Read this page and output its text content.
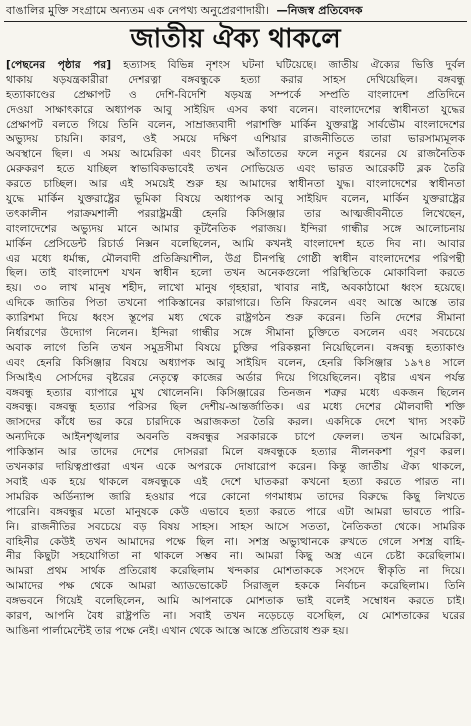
বাঙালির মুক্তি সংগ্রামে অন্যতম এক নেপথ্য অনুপ্রেরণাদায়ী। —নিজস্ব প্রতিবেদক
জাতীয় ঐক্য থাকলে
[পেছনের পৃষ্ঠার পর] হত্যাসহ বিভিন্ন নৃশংস ঘটনা ঘটিয়েছে। জাতীয় ঐক্যের ভিত্তি দুর্বল
থাকায় ষড়যন্ত্রকারীরা দেশরত্না বঙ্গবন্ধুকে হত্যা করার সাহস দেখিয়েছিল। বঙ্গবন্ধু
হত্যাকাণ্ডের প্রেক্ষাপট ও দেশি-বিদেশি ষড়যন্ত্র সম্পর্কে সম্প্রতি বাংলাদেশ প্রতিদিনে
দেওয়া সাক্ষাৎকারে অধ্যাপক আবু সাইয়িদ এসব কথা বলেন। বাংলাদেশের স্বাধীনতা যুদ্ধের
প্রেক্ষাপট বলতে গিয়ে তিনি বলেন, সাম্রাজ্যবাদী পরাশক্তি মার্কিন যুক্তরাষ্ট্র সার্বভৌম বাংলাদেশের
অভ্যুদয় চায়নি। কারণ, ওই সময়ে দক্ষিণ এশিয়ার রাজনীতিতে তারা ভারসাম্যমূলক
অবস্থানে ছিল। এ সময় আমেরিকা এবং চীনের আঁতাতের ফলে নতুন ধরনের যে রাজনৈতিক
মেরুকরণ হতে যাচ্ছিল স্বাভাবিকভাবেই তখন সোভিয়েত এবং ভারত আরেকটি ব্লক তৈরি
করতে চাচ্ছিল। আর এই সময়েই শুরু হয় আমাদের স্বাধীনতা যুদ্ধ। বাংলাদেশের স্বাধীনতা
যুদ্ধে মার্কিন যুক্তরাষ্ট্রের ভূমিকা বিষয়ে অধ্যাপক আবু সাইয়িদ বলেন, মার্কিন যুক্তরাষ্ট্রের
তৎকালীন পরাক্রমশালী পররাষ্ট্রমন্ত্রী হেনরি কিসিঞ্জার তার আত্মজীবনীতে লিখেছেন,
বাংলাদেশের অভ্যুদয় মানে আমার কূটনৈতিক পরাজয়। ইন্দিরা গান্ধীর সঙ্গে আলোচনায়
মার্কিন প্রেসিডেন্ট রিচার্ড নিক্সন বলেছিলেন, আমি কখনই বাংলাদেশ হতে দিব না। আবার
এর মধ্যে ধর্মান্ধ, মৌলবাদী প্রতিক্রিয়াশীল, উগ্র চীনপন্থি গোষ্ঠী স্বাধীন বাংলাদেশের পরিপন্থী
ছিল। তাই বাংলাদেশ যখন স্বাধীন হলো তখন অনেকগুলো পরিস্থিতিকে মোকাবিলা করতে
হয়। ৩০ লাখ মানুষ শহীদ, লাখো মানুষ গৃহহারা, খাবার নাই, অবকাঠামো ধ্বংস হয়েছে।
এদিকে জাতির পিতা তখনো পাকিস্তানের কারাগারে। তিনি ফিরলেন এবং আস্তে আস্তে তার
ক্যারিশমা দিয়ে ধ্বংস স্তূপের মধ্য থেকে রাষ্ট্রগঠন শুরু করেন। তিনি দেশের সীমানা
নির্ধারণের উদ্যোগ নিলেন। ইন্দিরা গান্ধীর সঙ্গে সীমানা চুক্তিতে বসলেন এবং সবচেয়ে
অবাক লাগে তিনি তখন সমুদ্রসীমা বিষয়ে চুক্তির পরিকল্পনা নিয়েছিলেন। বঙ্গবন্ধু হত্যাকাণ্ড
এবং হেনরি কিসিঞ্জার বিষয়ে অধ্যাপক আবু সাইয়িদ বলেন, হেনরি কিসিঞ্জার ১৯৭৪ সালে
সিআইএ সোর্সদের বৃষ্টরের নেতৃত্বে কাজের অর্ডার দিয়ে গিয়েছিলেন। বৃষ্টার এখন পর্যন্ত
বঙ্গবন্ধু হত্যার ব্যাপারে মুখ খোলেননি। কিসিঞ্জারের তিনজন শত্রুর মধ্যে একজন ছিলেন
বঙ্গবন্ধু। বঙ্গবন্ধু হত্যার পরিসর ছিল দেশীয়-আন্তর্জাতিক। এর মধ্যে দেশের মৌলবাদী শক্তি
জাসদের কাঁধে ভর করে চারদিকে অরাজকতা তৈরি করল। একদিকে দেশে খাদ্য সংকট
অন্যদিকে আইনশৃঙ্খলার অবনতি বঙ্গবন্ধুর সরকারকে চাপে ফেলল। তখন আমেরিকা,
পাকিস্তান আর তাদের দেশের দোসররা মিলে বঙ্গবন্ধুকে হত্যার নীলনকশা পূরণ করল।
তখনকার দায়িত্বপ্রাপ্তরা এখন একে অপরকে দোষারোপ করেন। কিন্তু জাতীয় ঐক্য থাকলে,
সবাই এক হয়ে থাকলে বঙ্গবন্ধুকে এই দেশে ঘাতকরা কখনো হত্যা করতে পারত না।
সামরিক অর্ডিন্যান্স জারি হওয়ার পরে কোনো গণমাধ্যম তাদের বিরুদ্ধে কিছু লিখতে
পারেনি। বঙ্গবন্ধুর মতো মানুষকে কেউ এভাবে হত্যা করতে পারে এটা আমরা ভাবতে পারি-
নি। রাজনীতির সবচেয়ে বড় বিষয় সাহস। সাহস আসে সততা, নৈতিকতা থেকে। সামরিক
বাহিনীর কেউই তখন আমাদের পক্ষে ছিল না। সশস্ত্র অভ্যুত্থানকে রুখতে গেলে সশস্ত্র বাহি-
নীর কিছুটা সহযোগিতা না থাকলে সম্ভব না। আমরা কিছু অস্ত্র এনে চেষ্টা করেছিলাম।
আমরা প্রথম সার্থক প্রতিরোধ করেছিলাম খন্দকার মোশতাককে সংসদে স্বীকৃতি না দিয়ে।
আমাদের পক্ষ থেকে আমরা অ্যাডভোকেট সিরাজুল হককে নির্বাচন করেছিলাম। তিনি
বঙ্গভবনে গিয়েই বলেছিলেন, আমি আপনাকে মোশতাক ভাই বলেই সম্বোধন করতে চাই।
কারণ, আপনি বৈধ রাষ্ট্রপতি না। সবাই তখন নড়েচড়ে বসেছিল, যে মোশতাকের ঘরের
আঙিনা পার্লামেন্টেই তার পক্ষে নেই। এখান থেকে আস্তে আস্তে প্রতিরোধ শুরু হয়।
